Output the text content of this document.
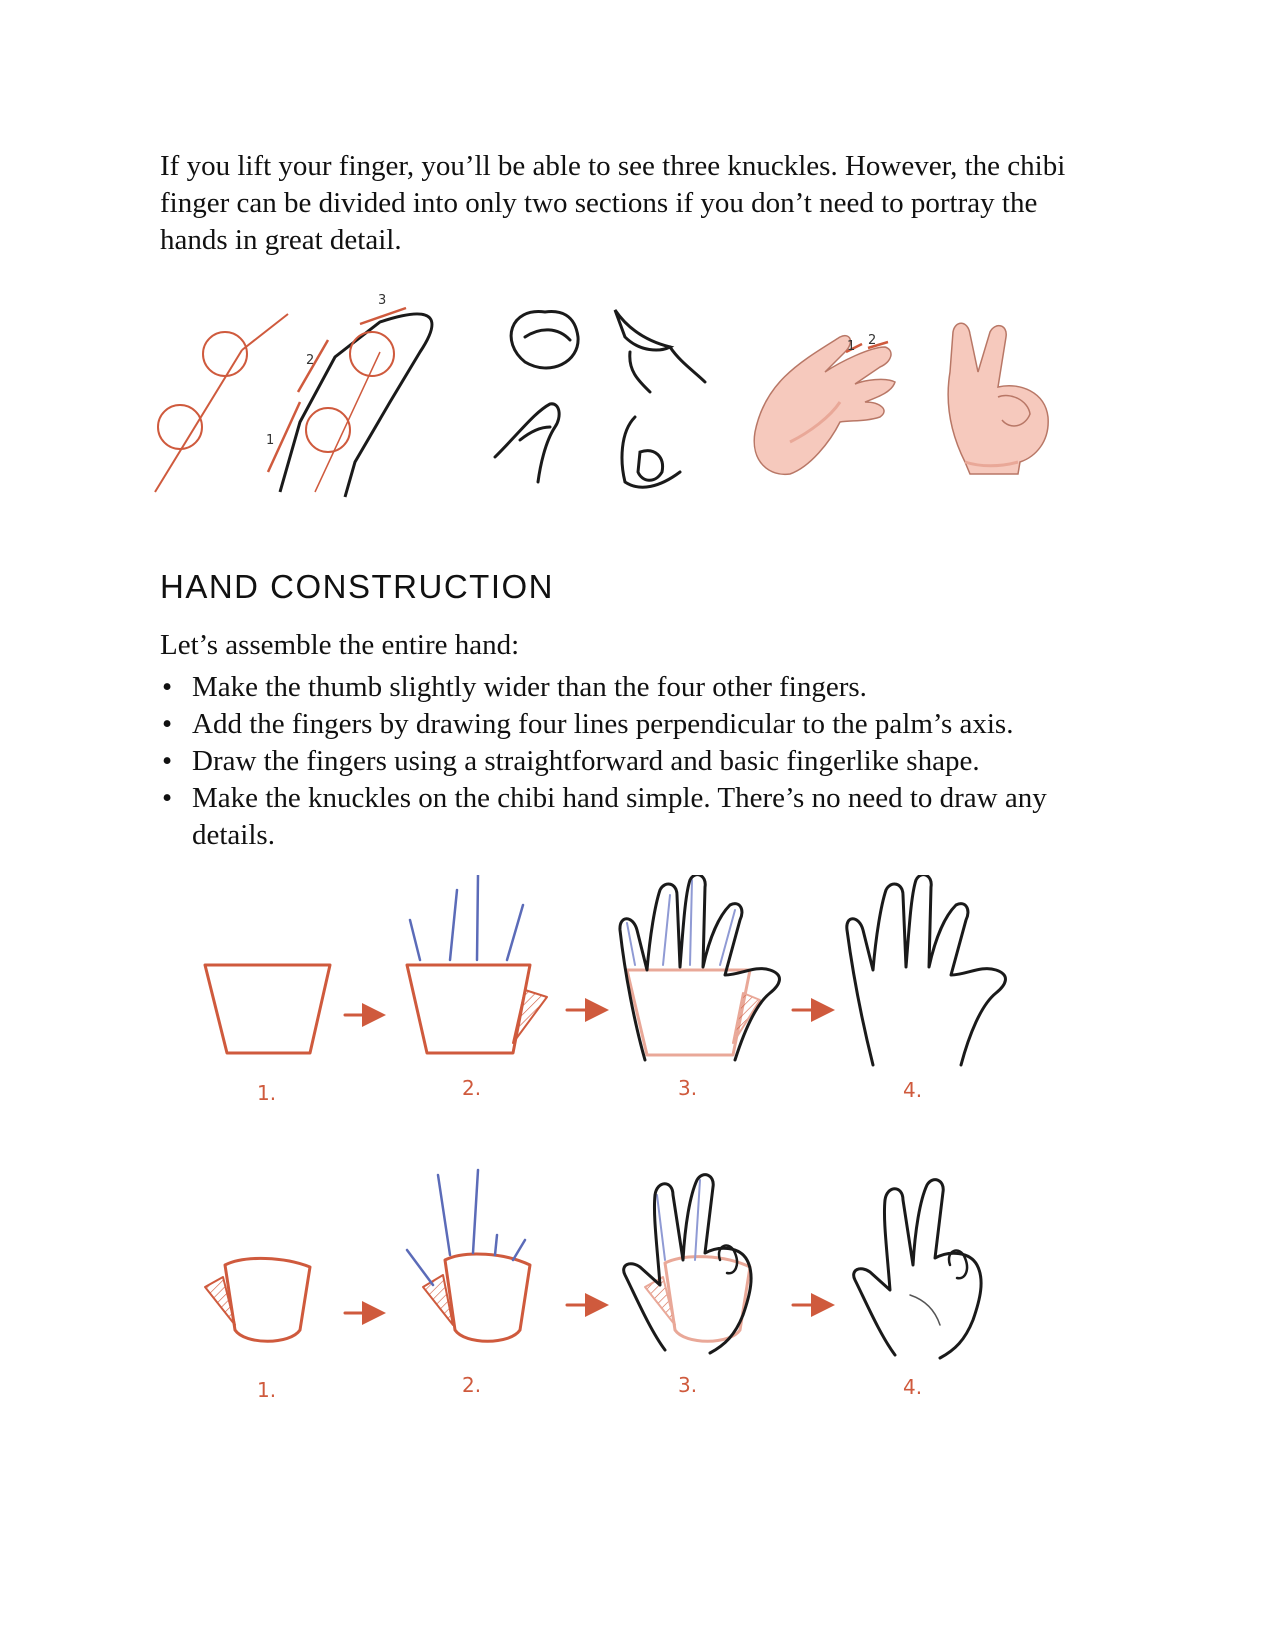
If you lift your finger, you’ll be able to see three knuckles. However, the chibi finger can be divided into only two sections if you don’t need to portray the hands in great detail.

1
2
3
1 2
HAND CONSTRUCTION

Let’s assemble the entire hand:

• Make the thumb slightly wider than the four other fingers.
• Add the fingers by drawing four lines perpendicular to the palm’s axis.
• Draw the fingers using a straightforward and basic fingerlike shape.
• Make the knuckles on the chibi hand simple. There’s no need to draw any details.
1.	2.	3.	4.
1.	2.	3.	4.
